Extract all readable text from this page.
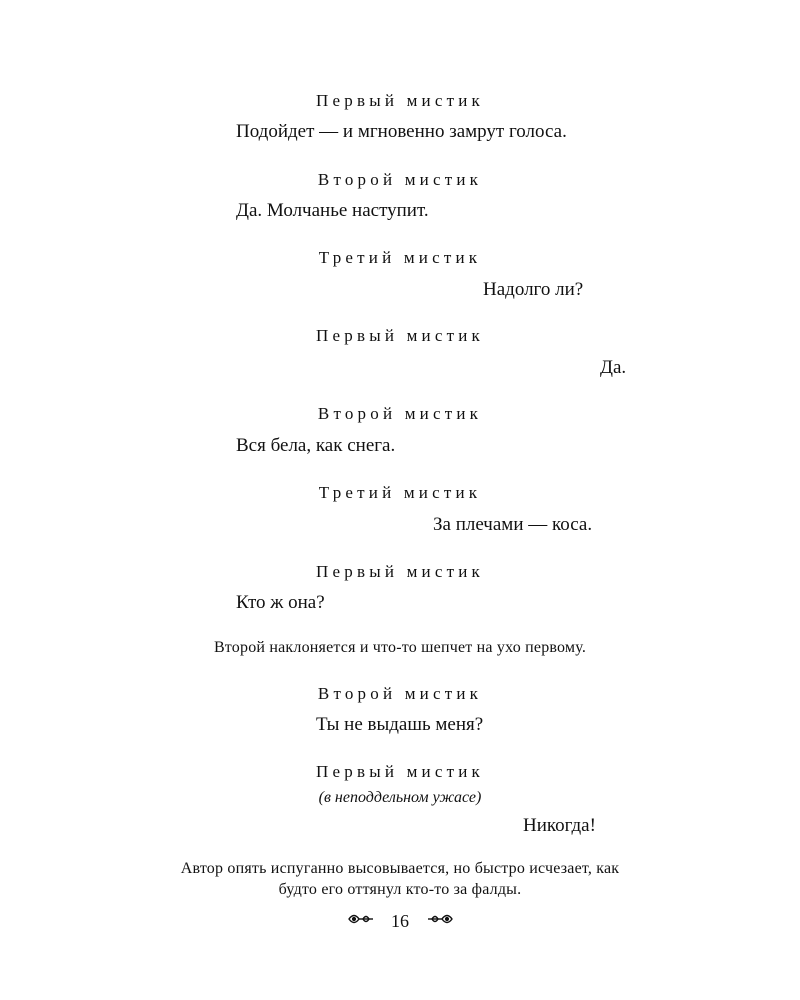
Первый мистик
Подойдет — и мгновенно замрут голоса.
Второй мистик
Да. Молчанье наступит.
Третий мистик
Надолго ли?
Первый мистик
Да.
Второй мистик
Вся бела, как снега.
Третий мистик
За плечами — коса.
Первый мистик
Кто ж она?
Второй наклоняется и что-то шепчет на ухо первому.
Второй мистик
Ты не выдашь меня?
Первый мистик
(в неподдельном ужасе)
Никогда!
Автор опять испуганно высовывается, но быстро исчезает, как
будто его оттянул кто-то за фалды.
16
